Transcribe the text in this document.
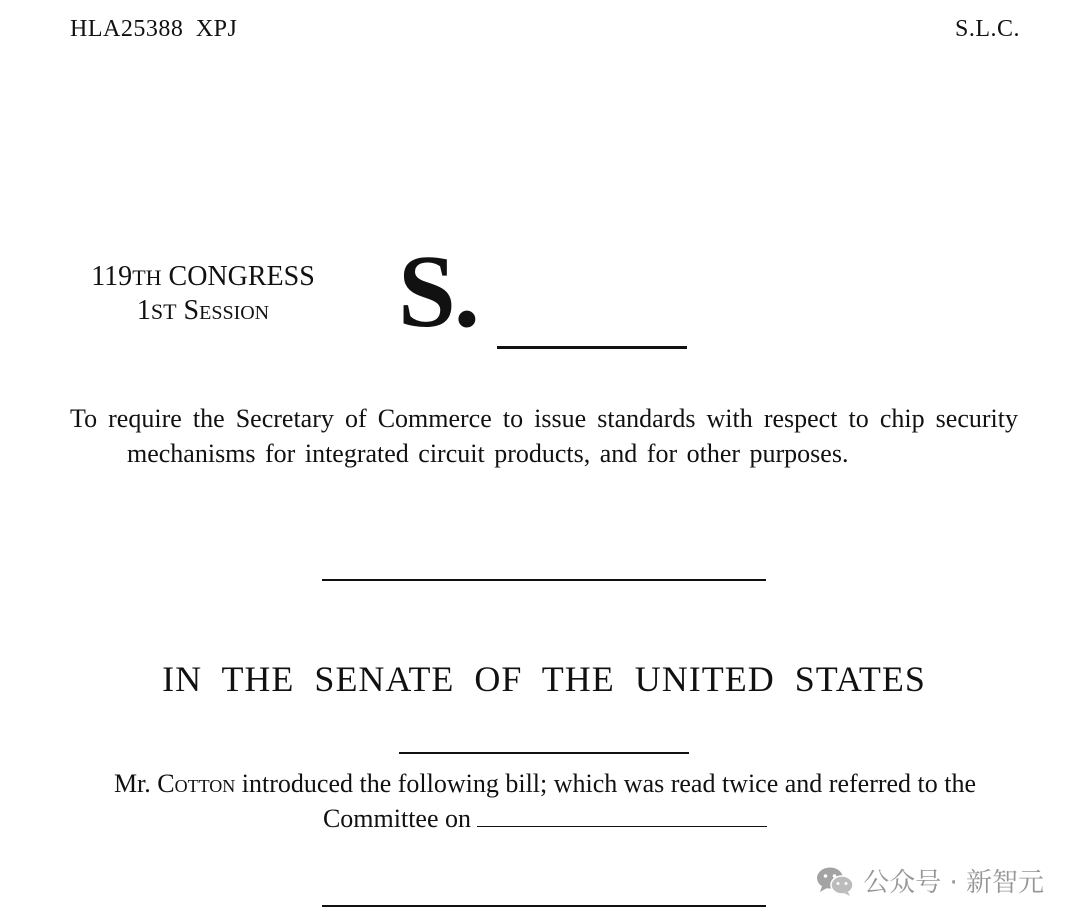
HLA25388 XPJ	S.L.C.
119TH CONGRESS
1ST Session	S.
To require the Secretary of Commerce to issue standards with respect to chip security mechanisms for integrated circuit products, and for other purposes.
IN THE SENATE OF THE UNITED STATES
Mr. Cotton introduced the following bill; which was read twice and referred to the Committee on
公众号 · 新智元
